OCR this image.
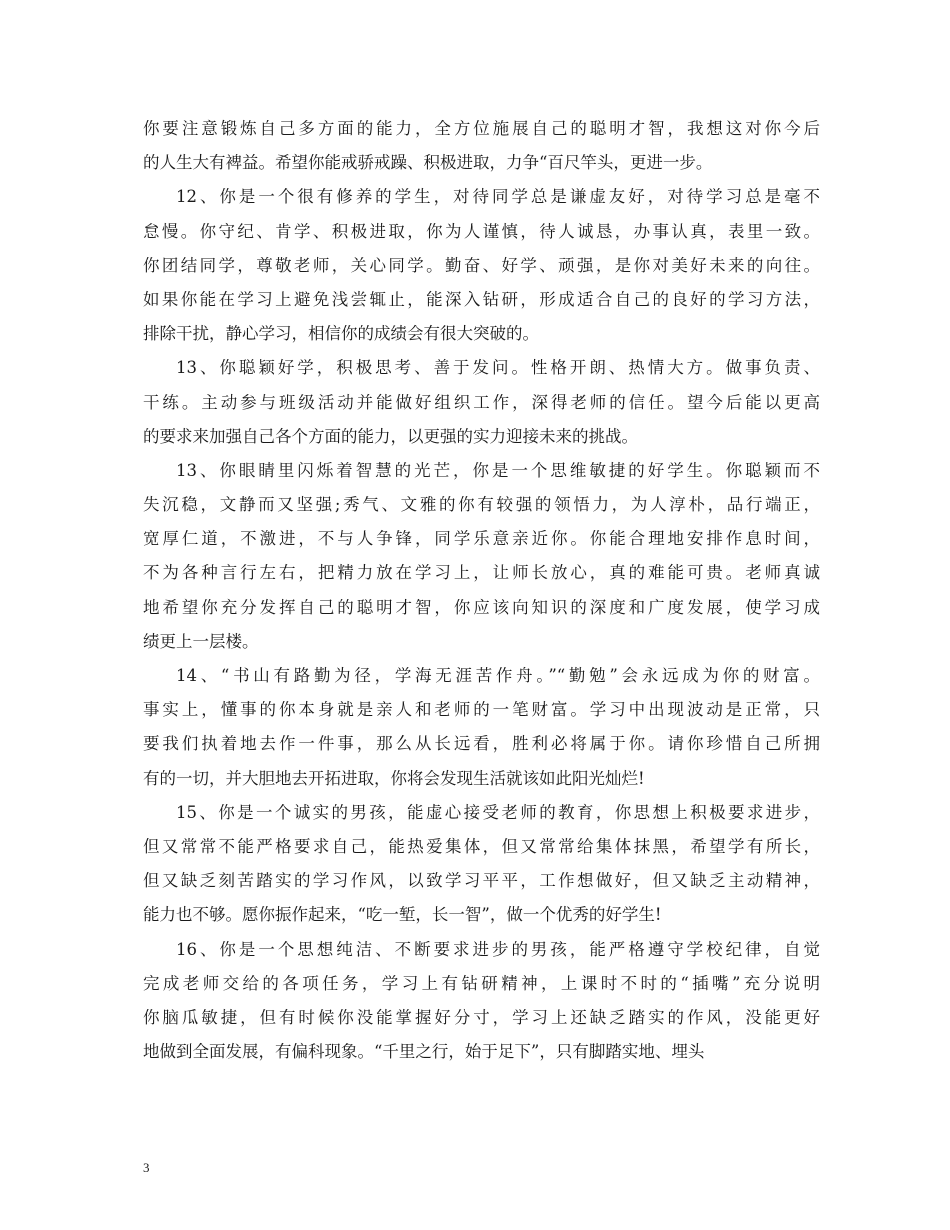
你要注意锻炼自己多方面的能力，全方位施展自己的聪明才智，我想这对你今后
的人生大有裨益。希望你能戒骄戒躁、积极进取，力争“百尺竿头，更进一步。
12、你是一个很有修养的学生，对待同学总是谦虚友好，对待学习总是毫不
怠慢。你守纪、肯学、积极进取，你为人谨慎，待人诚恳，办事认真，表里一致。
你团结同学，尊敬老师，关心同学。勤奋、好学、顽强，是你对美好未来的向往。
如果你能在学习上避免浅尝辄止，能深入钻研，形成适合自己的良好的学习方法，
排除干扰，静心学习，相信你的成绩会有很大突破的。
13、你聪颖好学，积极思考、善于发问。性格开朗、热情大方。做事负责、
干练。主动参与班级活动并能做好组织工作，深得老师的信任。望今后能以更高
的要求来加强自己各个方面的能力，以更强的实力迎接未来的挑战。
13、你眼睛里闪烁着智慧的光芒，你是一个思维敏捷的好学生。你聪颖而不
失沉稳，文静而又坚强;秀气、文雅的你有较强的领悟力，为人淳朴，品行端正，
宽厚仁道，不激进，不与人争锋，同学乐意亲近你。你能合理地安排作息时间，
不为各种言行左右，把精力放在学习上，让师长放心，真的难能可贵。老师真诚
地希望你充分发挥自己的聪明才智，你应该向知识的深度和广度发展，使学习成
绩更上一层楼。
14、“书山有路勤为径，学海无涯苦作舟。”“勤勉”会永远成为你的财富。
事实上，懂事的你本身就是亲人和老师的一笔财富。学习中出现波动是正常，只
要我们执着地去作一件事，那么从长远看，胜利必将属于你。请你珍惜自己所拥
有的一切，并大胆地去开拓进取，你将会发现生活就该如此阳光灿烂!
15、你是一个诚实的男孩，能虚心接受老师的教育，你思想上积极要求进步，
但又常常不能严格要求自己，能热爱集体，但又常常给集体抹黑，希望学有所长，
但又缺乏刻苦踏实的学习作风，以致学习平平，工作想做好，但又缺乏主动精神，
能力也不够。愿你振作起来，“吃一堑，长一智”，做一个优秀的好学生!
16、你是一个思想纯洁、不断要求进步的男孩，能严格遵守学校纪律，自觉
完成老师交给的各项任务，学习上有钻研精神，上课时不时的“插嘴”充分说明
你脑瓜敏捷，但有时候你没能掌握好分寸，学习上还缺乏踏实的作风，没能更好
地做到全面发展，有偏科现象。“千里之行，始于足下”，只有脚踏实地、埋头
3
